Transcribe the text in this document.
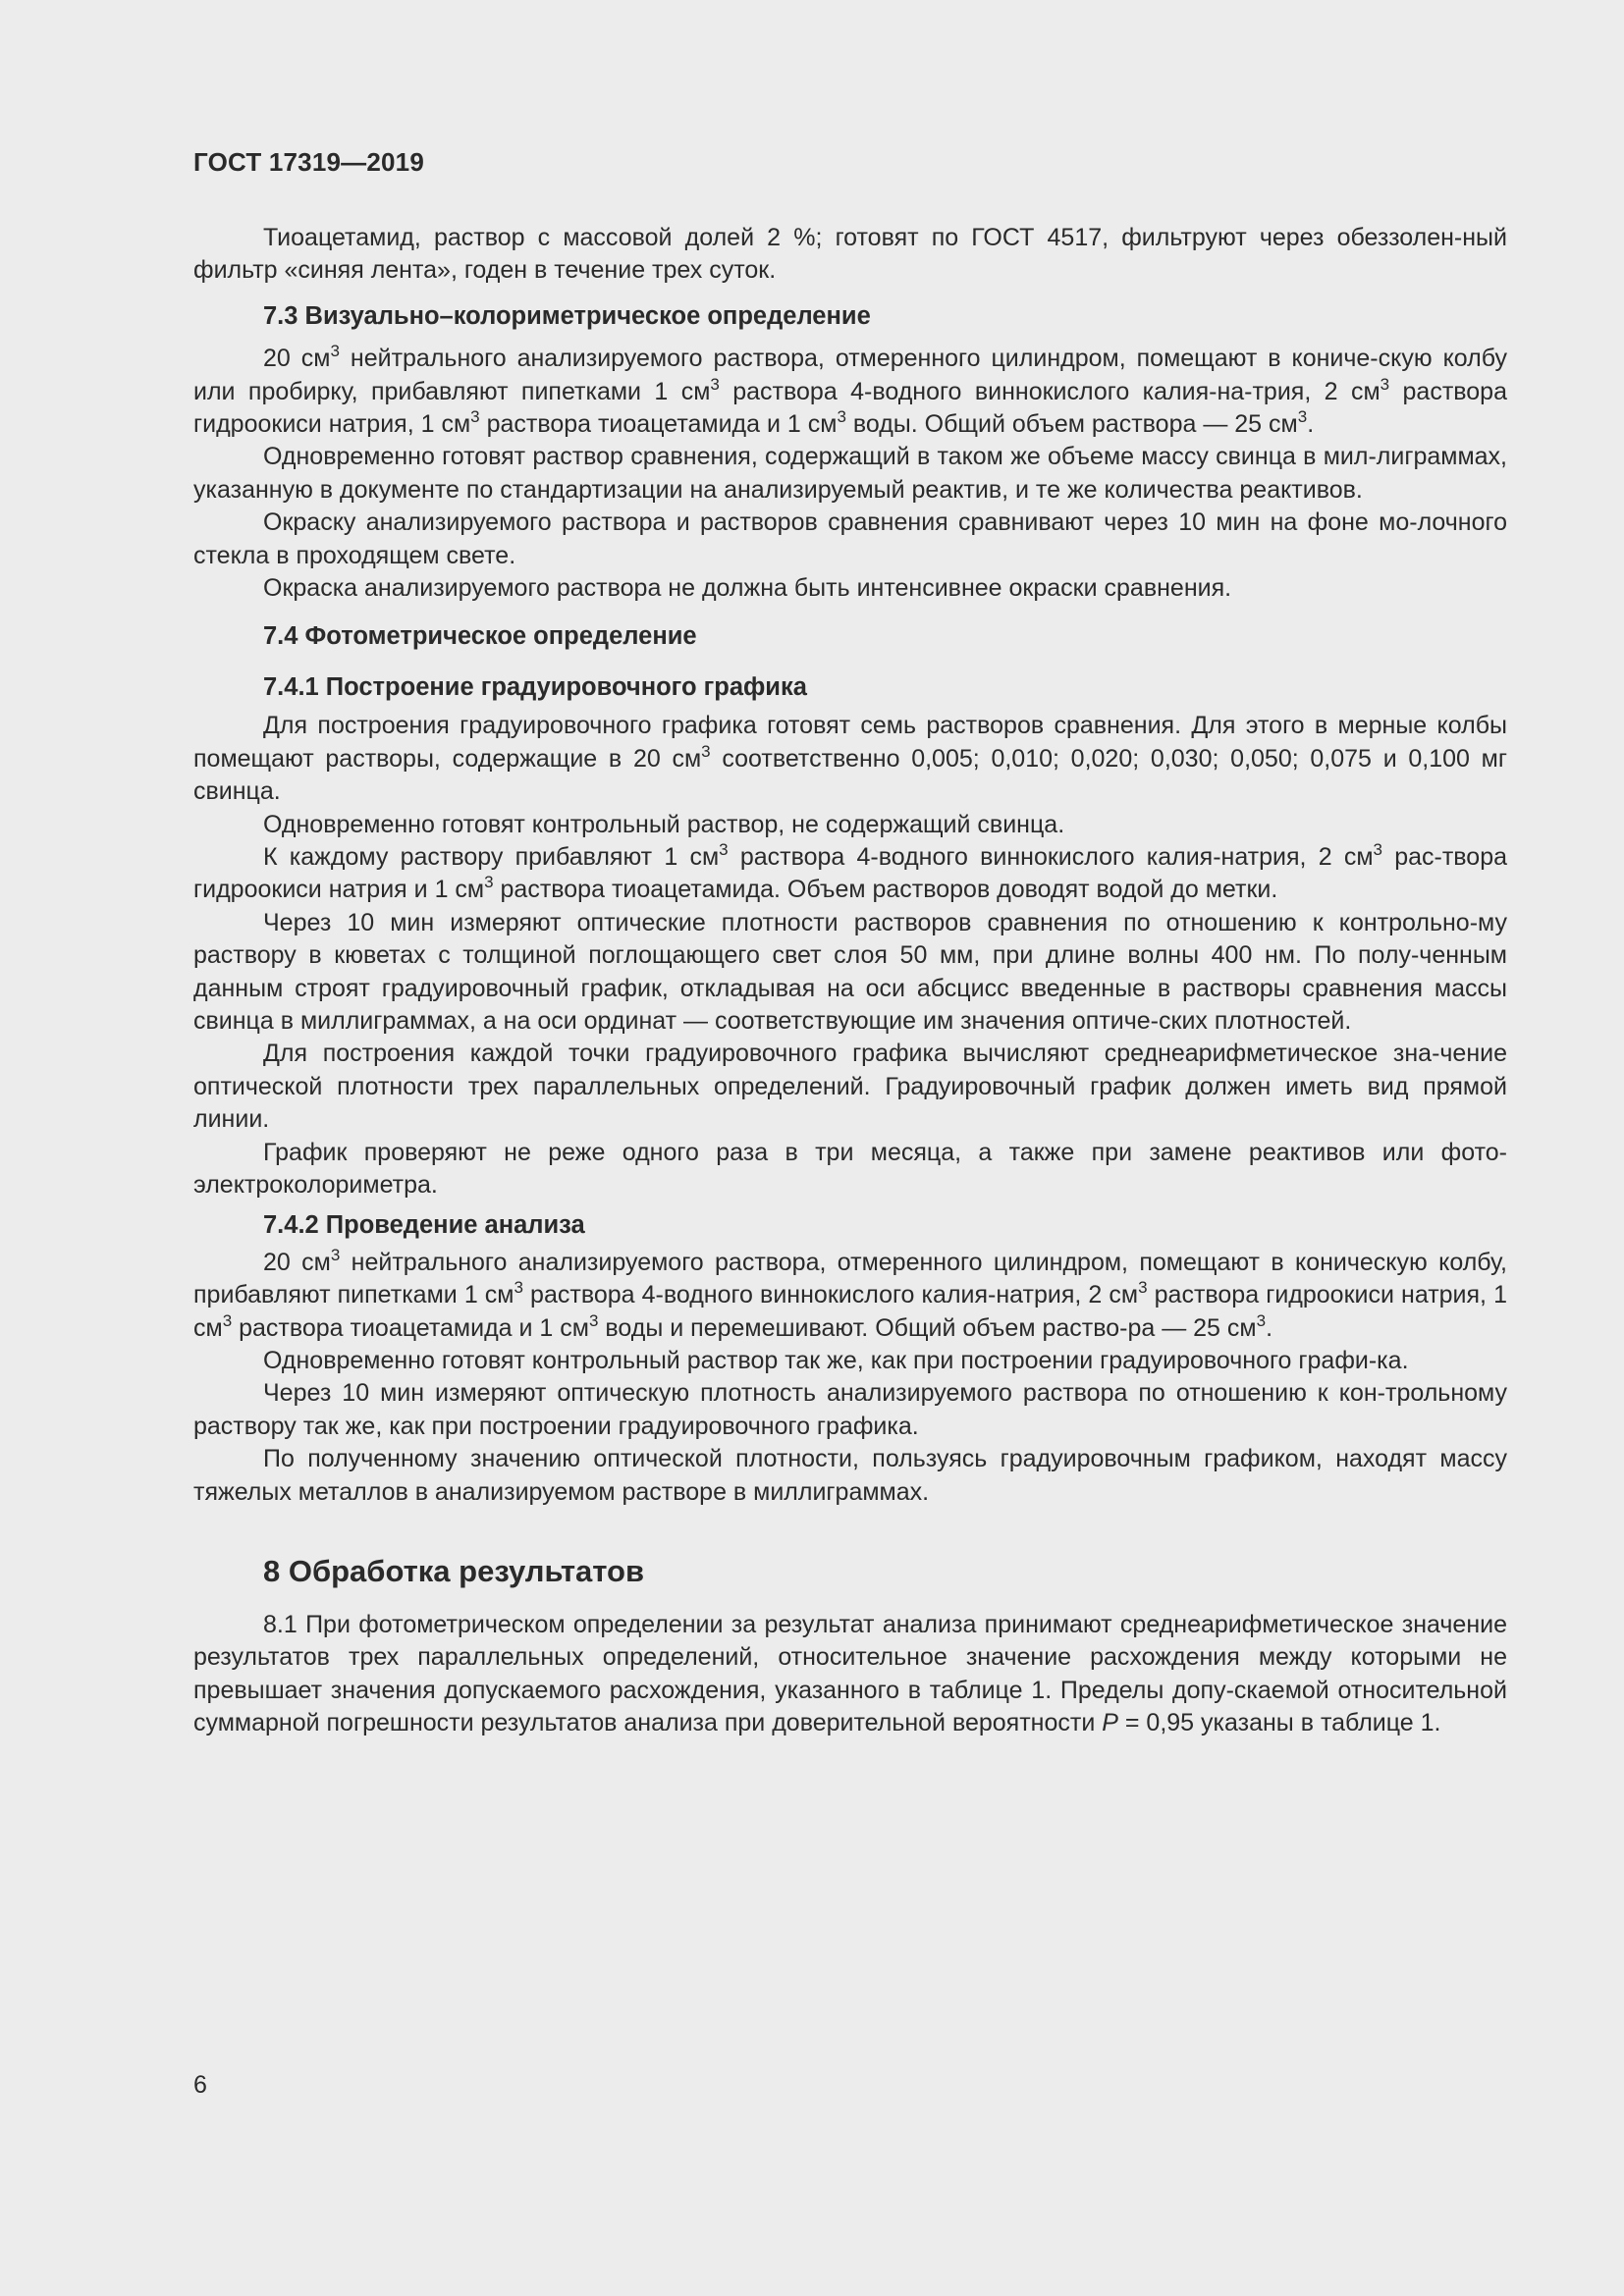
ГОСТ 17319—2019

Тиоацетамид, раствор с массовой долей 2 %; готовят по ГОСТ 4517, фильтруют через обеззолен-ный фильтр «синяя лента», годен в течение трех суток.

7.3 Визуально–колориметрическое определение

20 $см^3$ нейтрального анализируемого раствора, отмеренного цилиндром, помещают в кониче-скую колбу или пробирку, прибавляют пипетками 1 $см^3$ раствора 4-водного виннокислого калия-на-трия, 2 $см^3$ раствора гидроокиси натрия, 1 $см^3$ раствора тиоацетамида и 1 $см^3$ воды. Общий объем раствора — 25 $см^3$.

Одновременно готовят раствор сравнения, содержащий в таком же объеме массу свинца в мил-лиграммах, указанную в документе по стандартизации на анализируемый реактив, и те же количества реактивов.

Окраску анализируемого раствора и растворов сравнения сравнивают через 10 мин на фоне мо-лочного стекла в проходящем свете.

Окраска анализируемого раствора не должна быть интенсивнее окраски сравнения.

7.4 Фотометрическое определение
7.4.1 Построение градуировочного графика

Для построения градуировочного графика готовят семь растворов сравнения. Для этого в мерные колбы помещают растворы, содержащие в 20 $см^3$ соответственно 0,005; 0,010; 0,020; 0,030; 0,050; 0,075 и 0,100 мг свинца.

Одновременно готовят контрольный раствор, не содержащий свинца.

К каждому раствору прибавляют 1 $см^3$ раствора 4-водного виннокислого калия-натрия, 2 $см^3$ рас-твора гидроокиси натрия и 1 $см^3$ раствора тиоацетамида. Объем растворов доводят водой до метки.

Через 10 мин измеряют оптические плотности растворов сравнения по отношению к контрольно-му раствору в кюветах с толщиной поглощающего свет слоя 50 мм, при длине волны 400 нм. По полу-ченным данным строят градуировочный график, откладывая на оси абсцисс введенные в растворы сравнения массы свинца в миллиграммах, а на оси ординат — соответствующие им значения оптиче-ских плотностей.

Для построения каждой точки градуировочного графика вычисляют среднеарифметическое зна-чение оптической плотности трех параллельных определений. Градуировочный график должен иметь вид прямой линии.

График проверяют не реже одного раза в три месяца, а также при замене реактивов или фото-электроколориметра.

7.4.2 Проведение анализа

20 $см^3$ нейтрального анализируемого раствора, отмеренного цилиндром, помещают в коническую колбу, прибавляют пипетками 1 $см^3$ раствора 4-водного виннокислого калия-натрия, 2 $см^3$ раствора гидроокиси натрия, 1 $см^3$ раствора тиоацетамида и 1 $см^3$ воды и перемешивают. Общий объем раство-ра — 25 $см^3$.

Одновременно готовят контрольный раствор так же, как при построении градуировочного графи-ка.

Через 10 мин измеряют оптическую плотность анализируемого раствора по отношению к кон-трольному раствору так же, как при построении градуировочного графика.

По полученному значению оптической плотности, пользуясь градуировочным графиком, находят массу тяжелых металлов в анализируемом растворе в миллиграммах.

8 Обработка результатов

8.1 При фотометрическом определении за результат анализа принимают среднеарифметическое значение результатов трех параллельных определений, относительное значение расхождения между которыми не превышает значения допускаемого расхождения, указанного в таблице 1. Пределы допу-скаемой относительной суммарной погрешности результатов анализа при доверительной вероятности P = 0,95 указаны в таблице 1.

6
